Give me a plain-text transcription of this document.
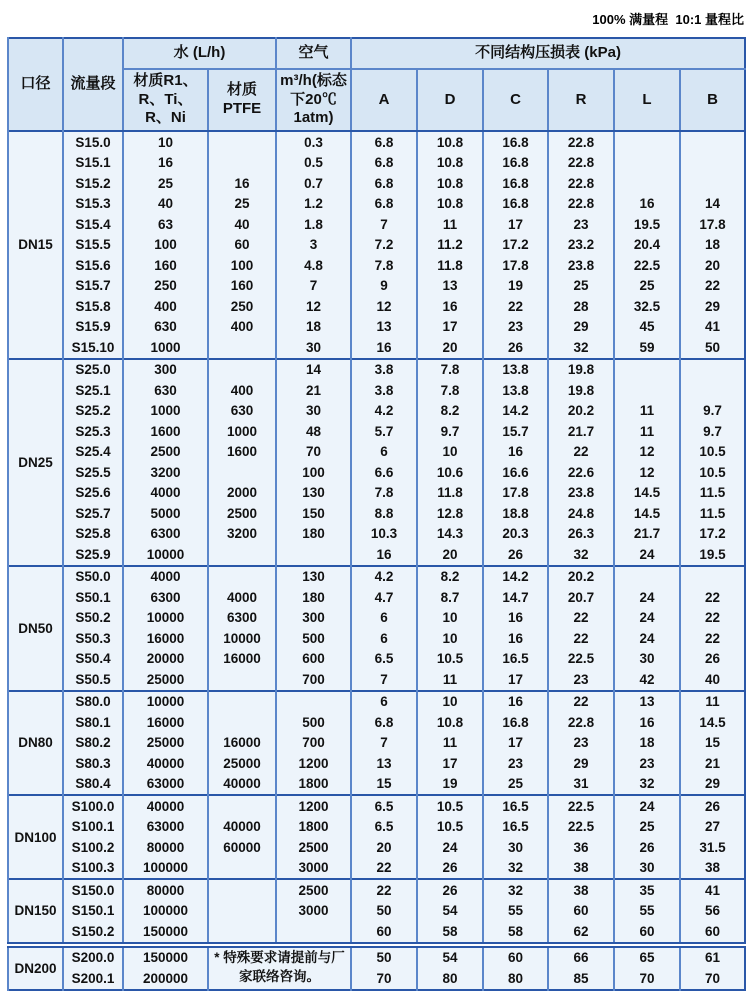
100% 满量程  10:1 量程比
口径	流量段	水 (L/h)		空气	不同结构压损表 (kPa)					
		材质R1、R、Ti、R、Ni	材质 PTFE	m³/h(标态下20℃ 1atm)	A	D	C	R	L	B
DN15	S15.0	10		0.3	6.8	10.8	16.8	22.8		
	S15.1	16		0.5	6.8	10.8	16.8	22.8		
	S15.2	25	16	0.7	6.8	10.8	16.8	22.8		
	S15.3	40	25	1.2	6.8	10.8	16.8	22.8	16	14
	S15.4	63	40	1.8	7	11	17	23	19.5	17.8
	S15.5	100	60	3	7.2	11.2	17.2	23.2	20.4	18
	S15.6	160	100	4.8	7.8	11.8	17.8	23.8	22.5	20
	S15.7	250	160	7	9	13	19	25	25	22
	S15.8	400	250	12	12	16	22	28	32.5	29
	S15.9	630	400	18	13	17	23	29	45	41
	S15.10	1000		30	16	20	26	32	59	50
DN25	S25.0	300		14	3.8	7.8	13.8	19.8		
	S25.1	630	400	21	3.8	7.8	13.8	19.8		
	S25.2	1000	630	30	4.2	8.2	14.2	20.2	11	9.7
	S25.3	1600	1000	48	5.7	9.7	15.7	21.7	11	9.7
	S25.4	2500	1600	70	6	10	16	22	12	10.5
	S25.5	3200		100	6.6	10.6	16.6	22.6	12	10.5
	S25.6	4000	2000	130	7.8	11.8	17.8	23.8	14.5	11.5
	S25.7	5000	2500	150	8.8	12.8	18.8	24.8	14.5	11.5
	S25.8	6300	3200	180	10.3	14.3	20.3	26.3	21.7	17.2
	S25.9	10000			16	20	26	32	24	19.5
DN50	S50.0	4000		130	4.2	8.2	14.2	20.2		
	S50.1	6300	4000	180	4.7	8.7	14.7	20.7	24	22
	S50.2	10000	6300	300	6	10	16	22	24	22
	S50.3	16000	10000	500	6	10	16	22	24	22
	S50.4	20000	16000	600	6.5	10.5	16.5	22.5	30	26
	S50.5	25000		700	7	11	17	23	42	40
DN80	S80.0	10000			6	10	16	22	13	11
	S80.1	16000		500	6.8	10.8	16.8	22.8	16	14.5
	S80.2	25000	16000	700	7	11	17	23	18	15
	S80.3	40000	25000	1200	13	17	23	29	23	21
	S80.4	63000	40000	1800	15	19	25	31	32	29
DN100	S100.0	40000		1200	6.5	10.5	16.5	22.5	24	26
	S100.1	63000	40000	1800	6.5	10.5	16.5	22.5	25	27
	S100.2	80000	60000	2500	20	24	30	36	26	31.5
	S100.3	100000		3000	22	26	32	38	30	38
DN150	S150.0	80000		2500	22	26	32	38	35	41
	S150.1	100000		3000	50	54	55	60	55	56
	S150.2	150000			60	58	58	62	60	60
DN200	S200.0	150000	* 特殊要求请提前与厂家联络咨询。		50	54	60	66	65	61
	S200.1	200000			70	80	80	85	70	70
